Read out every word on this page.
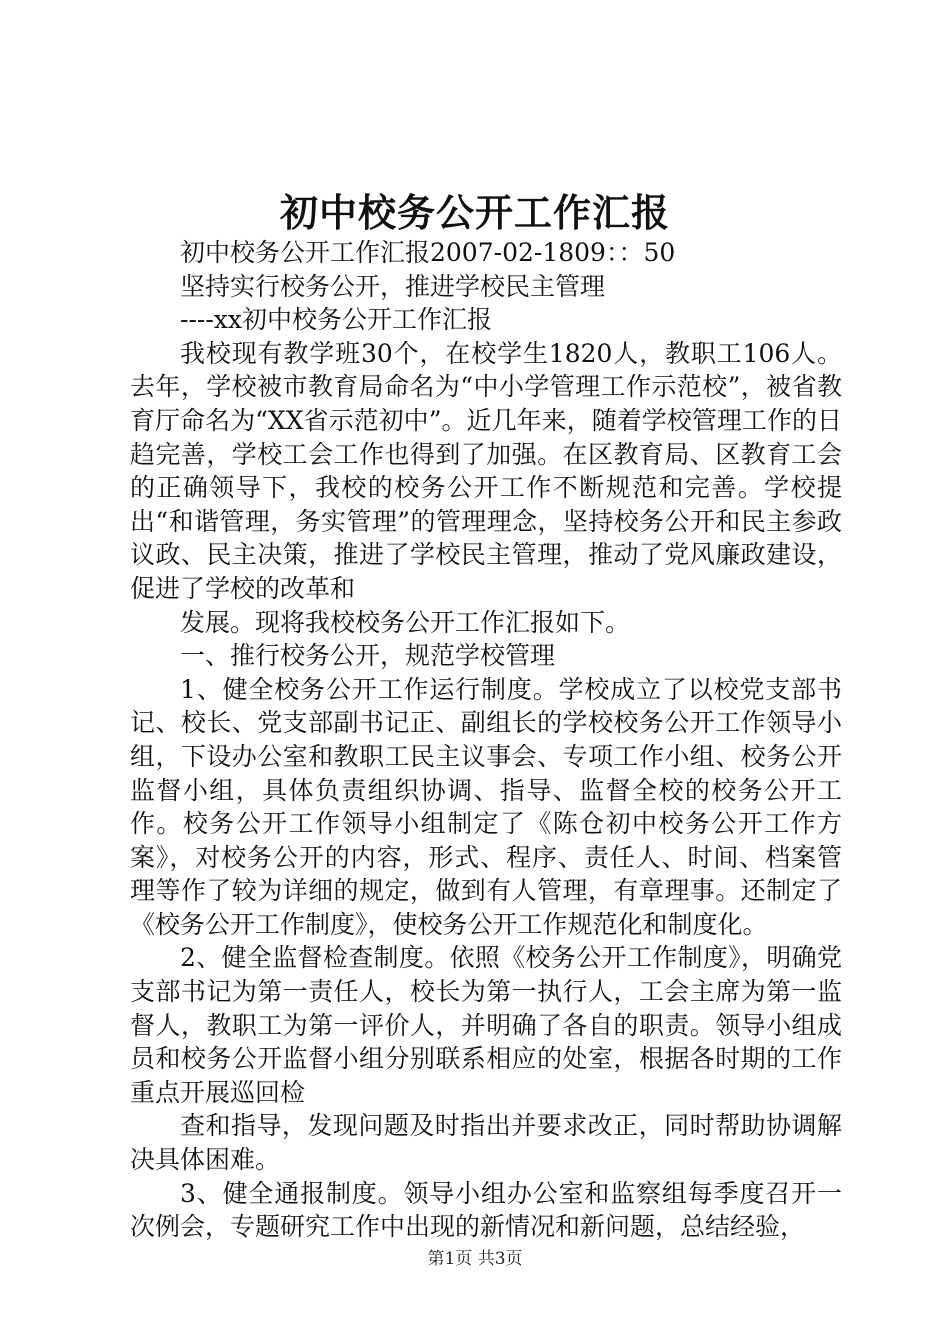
初中校务公开工作汇报

初中校务公开工作汇报2007-02-1809：：50

坚持实行校务公开，推进学校民主管理

----xx初中校务公开工作汇报

我校现有教学班30个，在校学生1820人，教职工106人。去年，学校被市教育局命名为“中小学管理工作示范校”，被省教育厅命名为“XX省示范初中”。近几年来，随着学校管理工作的日趋完善，学校工会工作也得到了加强。在区教育局、区教育工会的正确领导下，我校的校务公开工作不断规范和完善。学校提出“和谐管理，务实管理”的管理理念，坚持校务公开和民主参政议政、民主决策，推进了学校民主管理，推动了党风廉政建设，促进了学校的改革和

发展。现将我校校务公开工作汇报如下。

一、推行校务公开，规范学校管理

1、健全校务公开工作运行制度。学校成立了以校党支部书记、校长、党支部副书记正、副组长的学校校务公开工作领导小组，下设办公室和教职工民主议事会、专项工作小组、校务公开监督小组，具体负责组织协调、指导、监督全校的校务公开工作。校务公开工作领导小组制定了《陈仓初中校务公开工作方案》，对校务公开的内容，形式、程序、责任人、时间、档案管理等作了较为详细的规定，做到有人管理，有章理事。还制定了《校务公开工作制度》，使校务公开工作规范化和制度化。

2、健全监督检查制度。依照《校务公开工作制度》，明确党支部书记为第一责任人，校长为第一执行人，工会主席为第一监督人，教职工为第一评价人，并明确了各自的职责。领导小组成员和校务公开监督小组分别联系相应的处室，根据各时期的工作重点开展巡回检

查和指导，发现问题及时指出并要求改正，同时帮助协调解决具体困难。

3、健全通报制度。领导小组办公室和监察组每季度召开一次例会，专题研究工作中出现的新情况和新问题，总结经验，

第1页 共3页
